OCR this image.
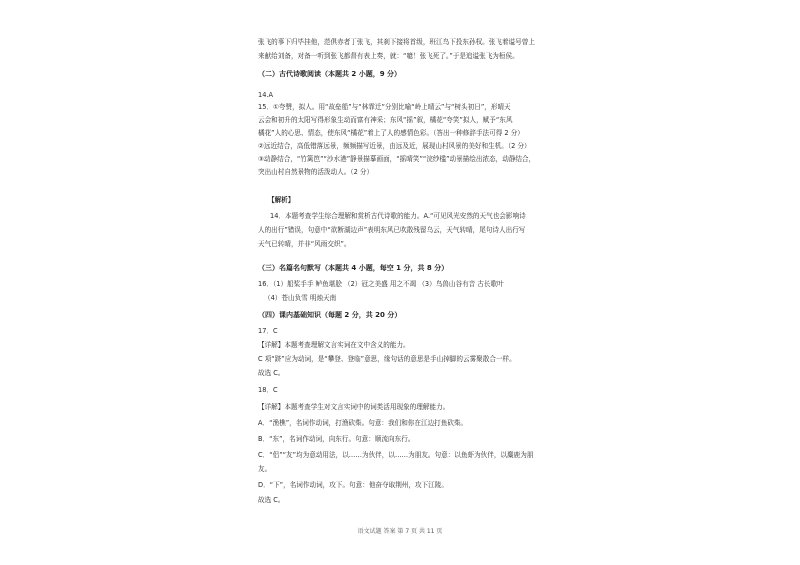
张飞的事下归毕挂他，范俱赤者丁张飞，其刹下接将首级，班江鸟下投东孙权。张飞着谥号曾上
来献给刘备，对备一听到张飞都督有表上奏，就：“噫！张飞死了。”于是追谥张飞为桓侯。
（二）古代诗歌阅读（本题共 2 小题，9 分）
14.A
15．①夸赞，拟人。用“故垒船”与“林霏迁”分别比喻“岭上晴云”与“树头初日”，形晴天
云会和初升的太阳写得形象生动而富有神采；东风“摇”叙，橘花“夸笑”拟人，赋予“东风
橘花”人的心思、情态，使东风“橘花”着上了人的感情色彩。（答出一种修辞手法可得 2 分）
②远近结合，高低错落远景，频频描写近景，由远及近，展现山村风景的美好和生机。（2 分）
③动静结合，“竹篱笆”“沙水港”静景描摹画面，“摇晴笑”“浣纱槛”动景描绘出浓态，动静结合，
突出山村自然景物的活泼动人。（2 分）
【解析】
14．本题考查学生综合理解和赏析古代诗歌的能力。A.“可见风光安然的天气也会影响诗
人的出行”错误，句意中“欲断湖边声”表明东风已吹散残留乌云，天气转晴，尾句诗人出行写
天气已转晴，并非“风雨交织”。
（三）名篇名句默写（本题共 4 小题，每空 1 分，共 8 分）
16．（1）船桨手手 鲈鱼堪脍 （2）冠之美盛 用之不竭 （3）鸟兽山谷有音 古长歌叶
（4）苍山负雪 明烛天南
（四）课内基础知识（每题 2 分，共 20 分）
17．C
【详解】本题考查理解文言实词在文中含义的能力。
C 项“跻”应为动词，是“攀登、登临”意思，缘句话的意思是手山掉脚的云雾聚散合一样。
故选 C。
18．C
【详解】本题考查学生对文言实词中的词类活用现象的理解能力。
A．“渔樵”，名词作动词，打渔砍柴。句意：我们和你在江边打鱼砍柴。
B．“东”，名词作动词，向东行。句意：顺流向东行。
C．“侣”“友”均为意动用法，以……为伙伴，以……为朋友。句意：以鱼虾为伙伴，以麋鹿为朋
友。
D．“下”，名词作动词，攻下。句意：他奋夺取荆州，攻下江陵。
故选 C。
语文试题 答案 第 7 页 共 11 页
